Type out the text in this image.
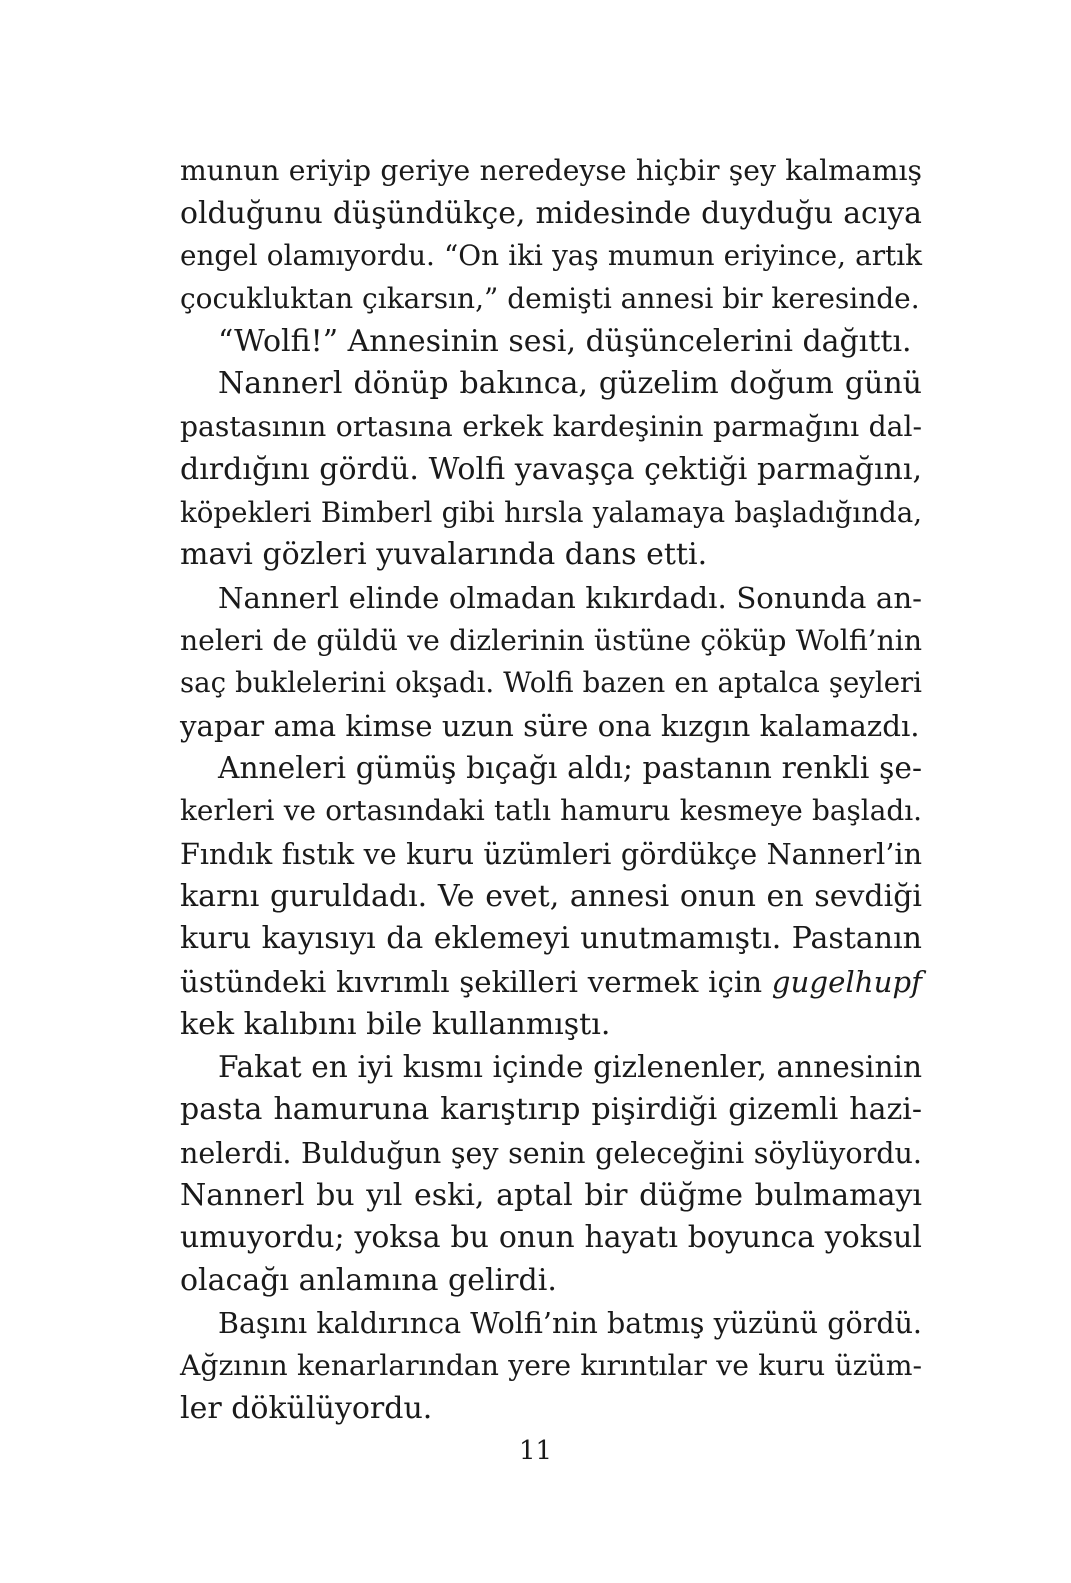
munun eriyip geriye neredeyse hiçbir şey kalmamış
olduğunu düşündükçe, midesinde duyduğu acıya
engel olamıyordu. “On iki yaş mumun eriyince, artık
çocukluktan çıkarsın,” demişti annesi bir keresinde.
“Wolfi!” Annesinin sesi, düşüncelerini dağıttı.
Nannerl dönüp bakınca, güzelim doğum günü
pastasının ortasına erkek kardeşinin parmağını dal-
dırdığını gördü. Wolfi yavaşça çektiği parmağını,
köpekleri Bimberl gibi hırsla yalamaya başladığında,
mavi gözleri yuvalarında dans etti.
Nannerl elinde olmadan kıkırdadı. Sonunda an-
neleri de güldü ve dizlerinin üstüne çöküp Wolfi’nin
saç buklelerini okşadı. Wolfi bazen en aptalca şeyleri
yapar ama kimse uzun süre ona kızgın kalamazdı.
Anneleri gümüş bıçağı aldı; pastanın renkli şe-
kerleri ve ortasındaki tatlı hamuru kesmeye başladı.
Fındık fıstık ve kuru üzümleri gördükçe Nannerl’in
karnı guruldadı. Ve evet, annesi onun en sevdiği
kuru kayısıyı da eklemeyi unutmamıştı. Pastanın
üstündeki kıvrımlı şekilleri vermek için gugelhupf
kek kalıbını bile kullanmıştı.
Fakat en iyi kısmı içinde gizlenenler, annesinin
pasta hamuruna karıştırıp pişirdiği gizemli hazi-
nelerdi. Bulduğun şey senin geleceğini söylüyordu.
Nannerl bu yıl eski, aptal bir düğme bulmamayı
umuyordu; yoksa bu onun hayatı boyunca yoksul
olacağı anlamına gelirdi.
Başını kaldırınca Wolfi’nin batmış yüzünü gördü.
Ağzının kenarlarından yere kırıntılar ve kuru üzüm-
ler dökülüyordu.
11
